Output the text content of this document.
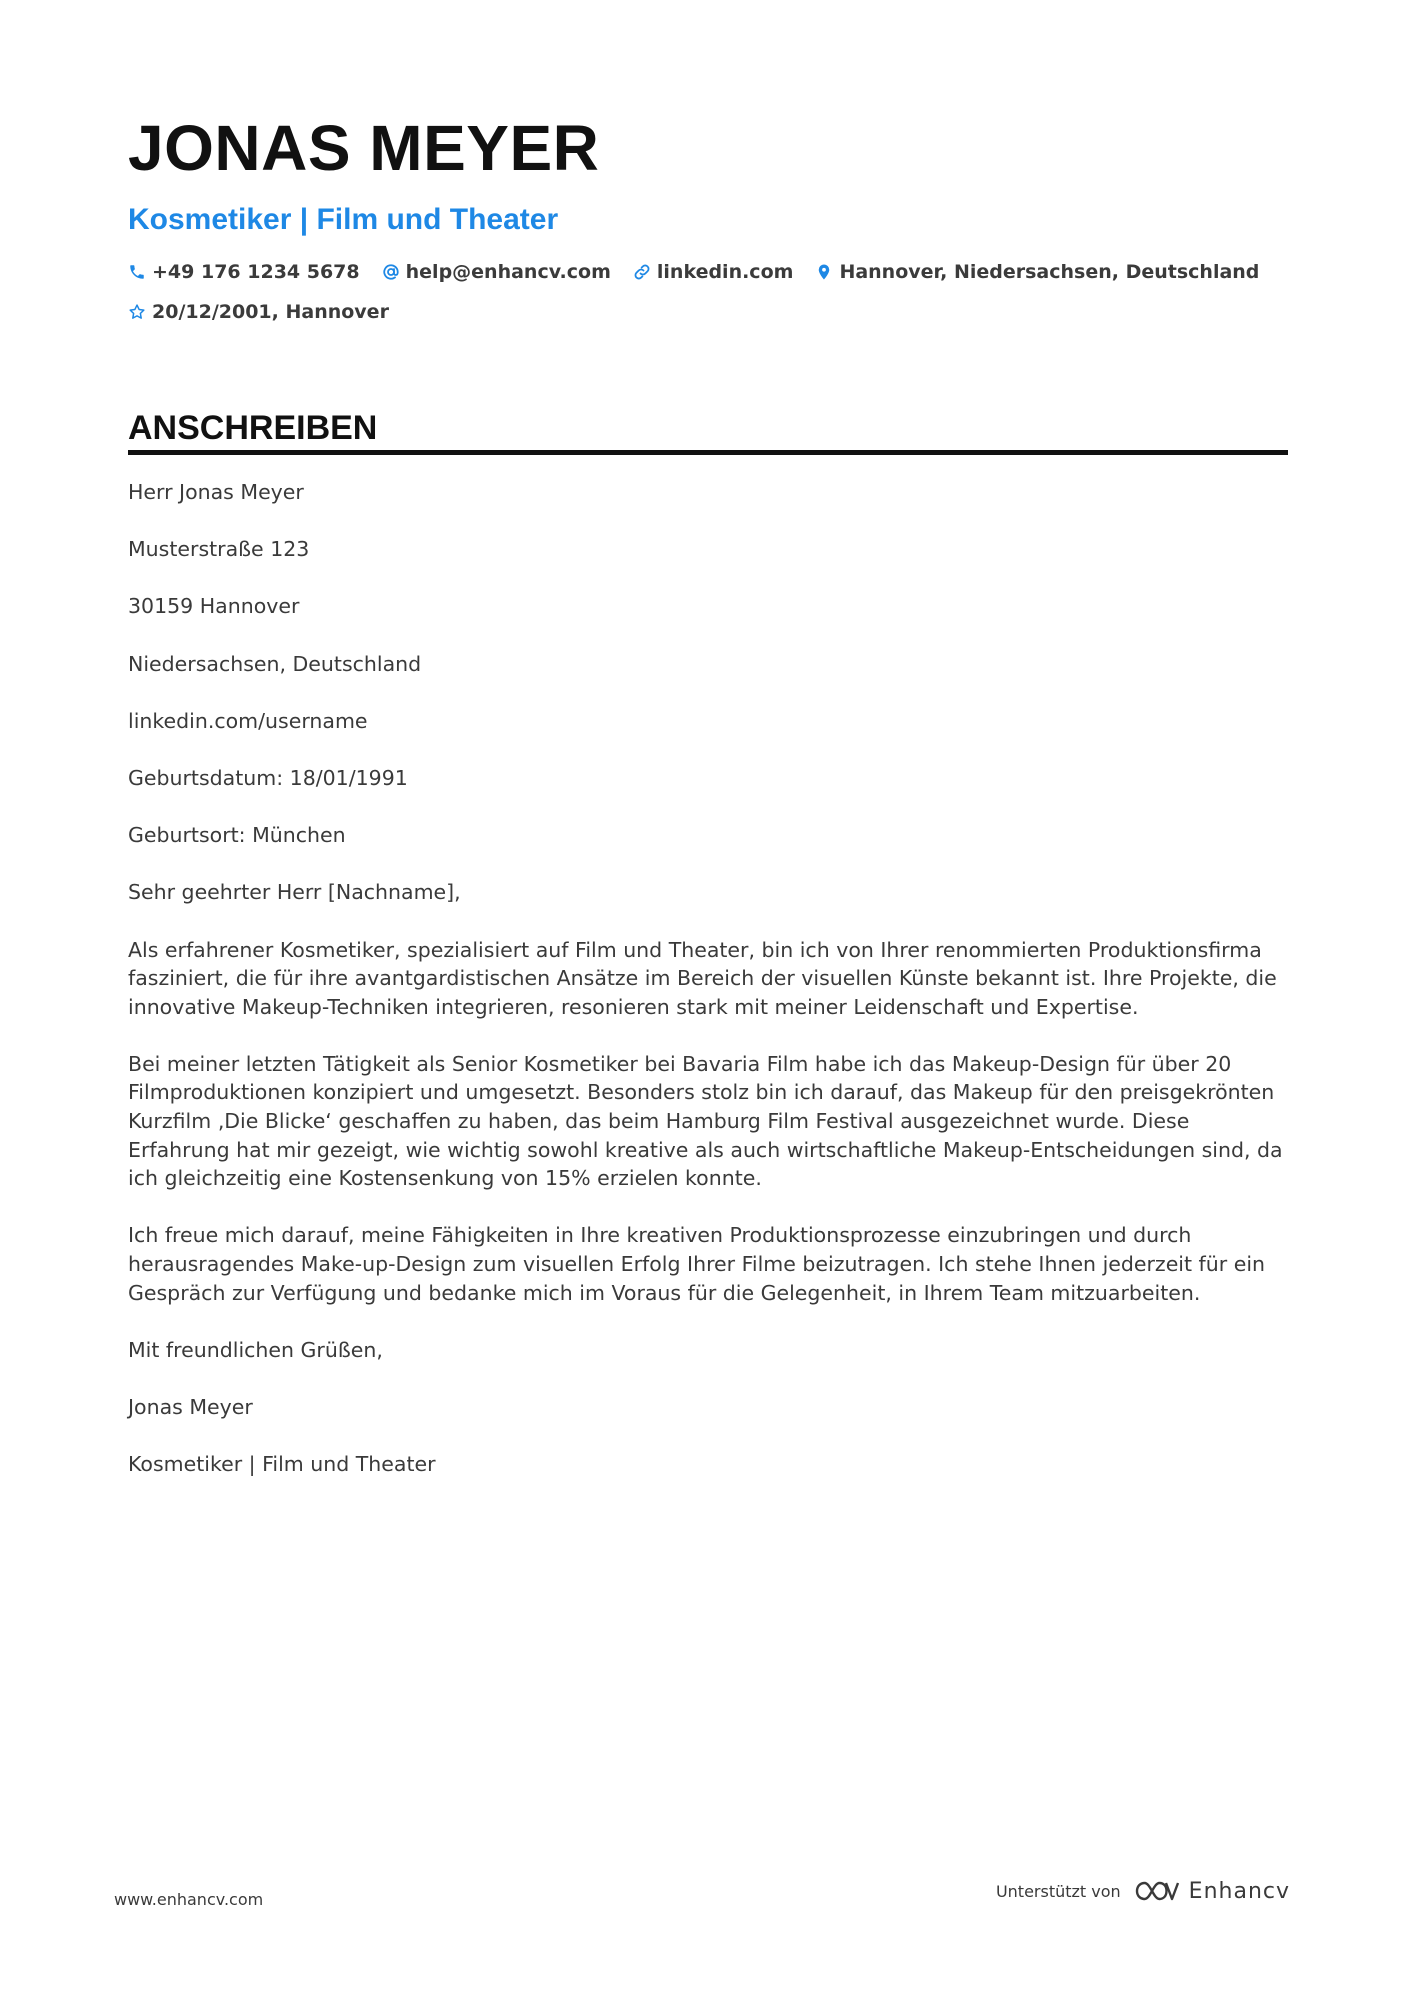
JONAS MEYER
Kosmetiker | Film und Theater
+49 176 1234 5678 help@enhancv.com linkedin.com Hannover, Niedersachsen, Deutschland
20/12/2001, Hannover
ANSCHREIBEN

Herr Jonas Meyer

Musterstraße 123

30159 Hannover

Niedersachsen, Deutschland

linkedin.com/username

Geburtsdatum: 18/01/1991

Geburtsort: München

Sehr geehrter Herr [Nachname],

Als erfahrener Kosmetiker, spezialisiert auf Film und Theater, bin ich von Ihrer renommierten Produktionsfirma fasziniert, die für ihre avantgardistischen Ansätze im Bereich der visuellen Künste bekannt ist. Ihre Projekte, die innovative Makeup-Techniken integrieren, resonieren stark mit meiner Leidenschaft und Expertise.

Bei meiner letzten Tätigkeit als Senior Kosmetiker bei Bavaria Film habe ich das Makeup-Design für über 20 Filmproduktionen konzipiert und umgesetzt. Besonders stolz bin ich darauf, das Makeup für den preisgekrönten Kurzfilm ‚Die Blicke‘ geschaffen zu haben, das beim Hamburg Film Festival ausgezeichnet wurde. Diese Erfahrung hat mir gezeigt, wie wichtig sowohl kreative als auch wirtschaftliche Makeup-Entscheidungen sind, da ich gleichzeitig eine Kostensenkung von 15% erzielen konnte.

Ich freue mich darauf, meine Fähigkeiten in Ihre kreativen Produktionsprozesse einzubringen und durch herausragendes Make-up-Design zum visuellen Erfolg Ihrer Filme beizutragen. Ich stehe Ihnen jederzeit für ein Gespräch zur Verfügung und bedanke mich im Voraus für die Gelegenheit, in Ihrem Team mitzuarbeiten.

Mit freundlichen Grüßen,

Jonas Meyer

Kosmetiker | Film und Theater

www.enhancv.com	Unterstützt von	Enhancv
